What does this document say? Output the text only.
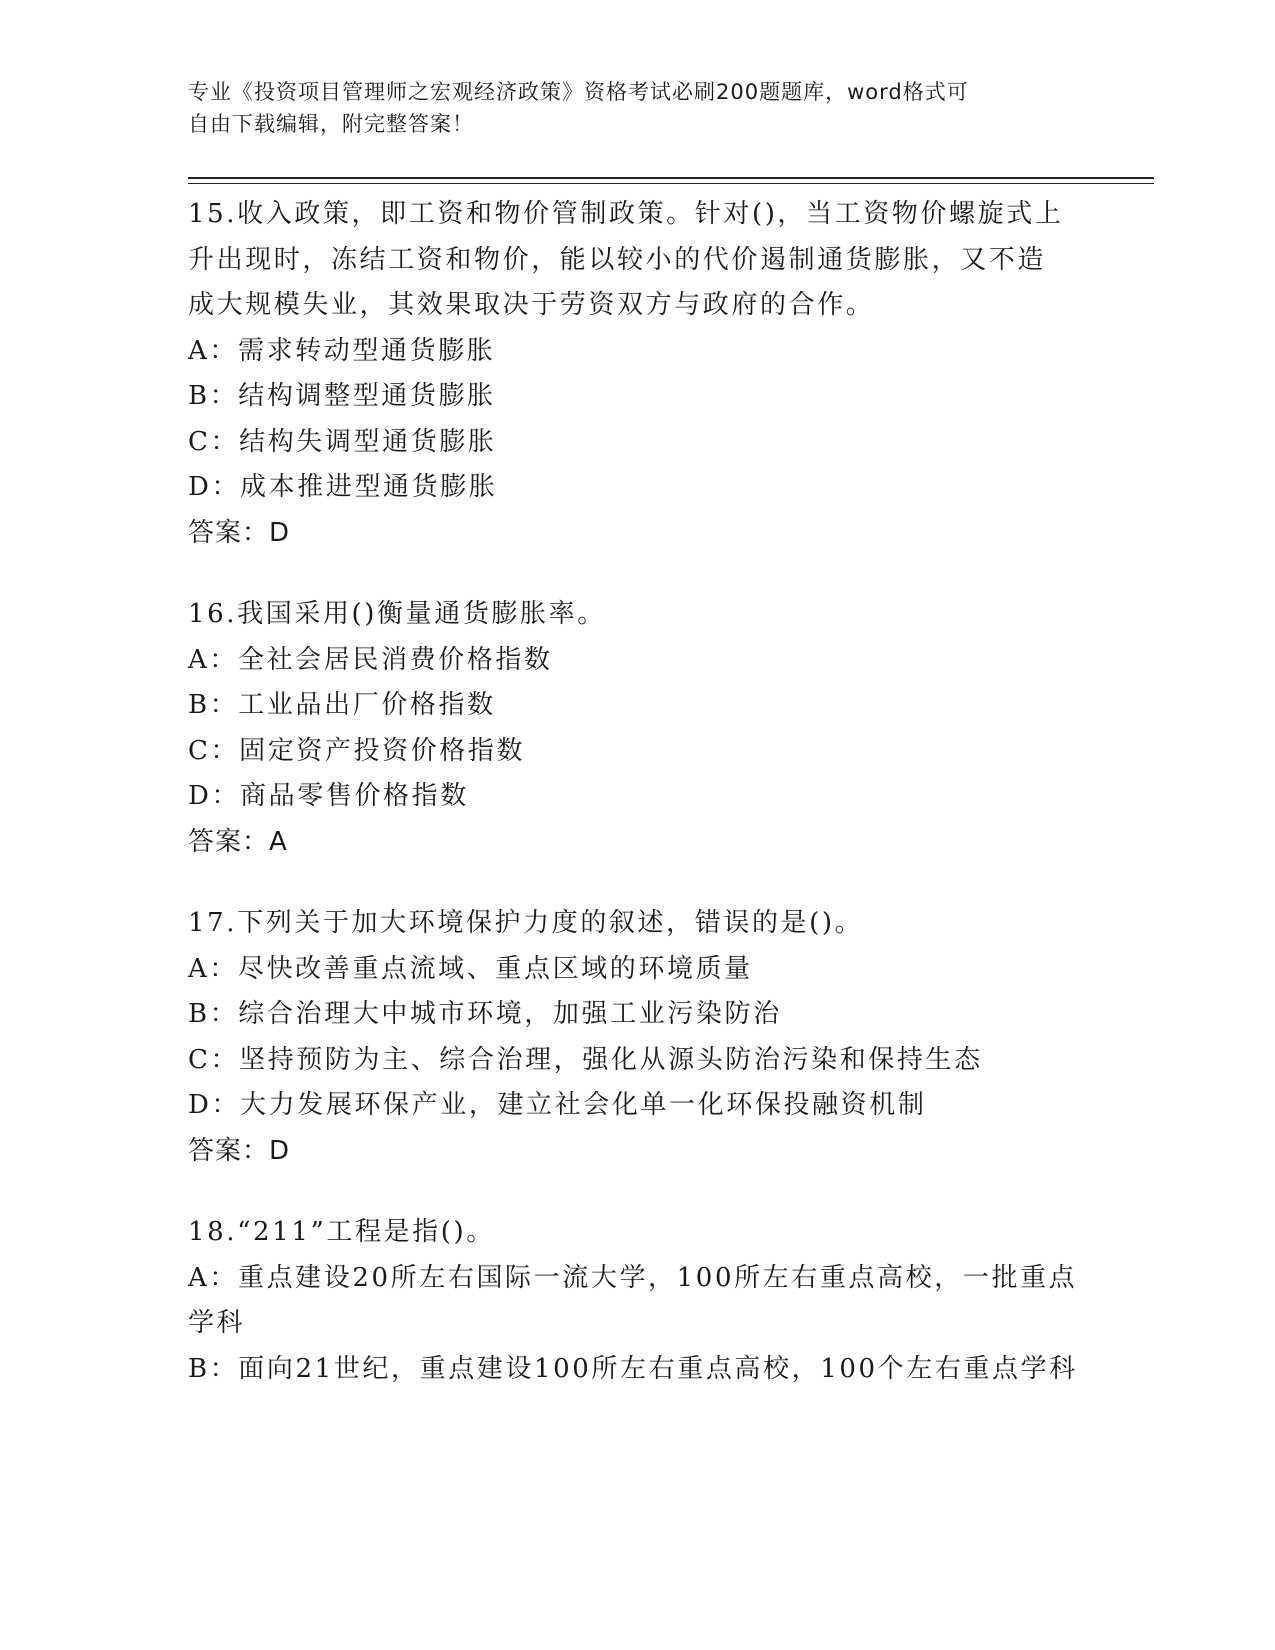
专业《投资项目管理师之宏观经济政策》资格考试必刷200题题库，word格式可
自由下载编辑，附完整答案！

15.收入政策，即工资和物价管制政策。针对()，当工资物价螺旋式上

升出现时，冻结工资和物价，能以较小的代价遏制通货膨胀，又不造

成大规模失业，其效果取决于劳资双方与政府的合作。

A：需求转动型通货膨胀

B：结构调整型通货膨胀

C：结构失调型通货膨胀

D：成本推进型通货膨胀

答案：D

16.我国采用()衡量通货膨胀率。

A：全社会居民消费价格指数

B：工业品出厂价格指数

C：固定资产投资价格指数

D：商品零售价格指数

答案：A

17.下列关于加大环境保护力度的叙述，错误的是()。

A：尽快改善重点流域、重点区域的环境质量

B：综合治理大中城市环境，加强工业污染防治

C：坚持预防为主、综合治理，强化从源头防治污染和保持生态

D：大力发展环保产业，建立社会化单一化环保投融资机制

答案：D

18.“211”工程是指()。

A：重点建设20所左右国际一流大学，100所左右重点高校，一批重点

学科

B：面向21世纪，重点建设100所左右重点高校，100个左右重点学科
